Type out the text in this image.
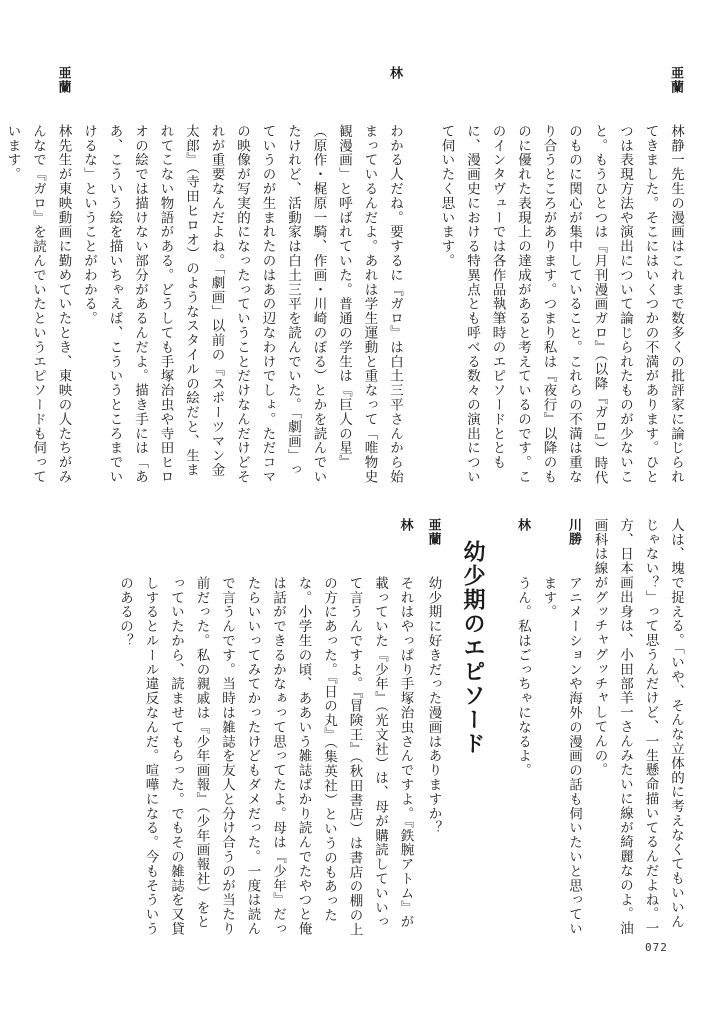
亜蘭
林静一先生の漫画はこれまで数多くの批評家に論じられてきました。そこにはいくつかの不満があります。ひとつは表現方法や演出について論じられたものが少ないこと。もうひとつは『月刊漫画ガロ』（以降『ガロ』）時代のものに関心が集中していること。これらの不満は重なり合うところがあります。つまり私は『夜行』以降のものに優れた表現上の達成があると考えているのです。このインタヴューでは各作品執筆時のエピソードとともに、漫画史における特異点とも呼べる数々の演出について伺いたく思います。
林
わかる人だね。要するに『ガロ』は白土三平さんから始まっているんだよ。あれは学生運動と重なって「唯物史観漫画」と呼ばれていた。普通の学生は『巨人の星』（原作・梶原一騎、作画・川崎のぼる）とかを読んでいたけれど、活動家は白土三平を読んでいた。「劇画」っていうのが生まれたのはあの辺なわけでしょ。ただコマの映像が写実的になったっていうことだけなんだけどそれが重要なんだよね。「劇画」以前の『スポーツマン金太郎』（寺田ヒロオ）のようなスタイルの絵だと、生まれてこない物語がある。どうしても手塚治虫や寺田ヒロオの絵では描けない部分があるんだよ。描き手には「ああ、こういう絵を描いちゃえば、こういうところまでいけるな」ということがわかる。
亜蘭
林先生が東映動画に勤めていたとき、東映の人たちがみんなで『ガロ』を読んでいたというエピソードも伺っています。
人は、塊で捉える。「いや、そんな立体的に考えなくてもいいんじゃない？」って思うんだけど、一生懸命描いてるんだよね。一方、日本画出身は、小田部羊一さんみたいに線が綺麗なのよ。油画科は線がグッチャグッチャしてんの。
川勝
アニメーションや海外の漫画の話も伺いたいと思っています。
林
うん。私はごっちゃになるよ。
幼少期のエピソード
亜蘭
幼少期に好きだった漫画はありますか？
林
それはやっぱり手塚治虫さんですよ。『鉄腕アトム』が載っていた『少年』（光文社）は、母が購読していいって言うんですよ。『冒険王』（秋田書店）は書店の棚の上の方にあった。『日の丸』（集英社）というのもあったな。小学生の頃、ああいう雑誌ばかり読んでたやつと俺は話ができるかなぁって思ってたよ。母は『少年』だったらいいってみてかったけどもダメだった。一度は読んで言うんです。当時は雑誌を友人と分け合うのが当たり前だった。私の親戚は『少年画報』（少年画報社）をとっていたから、読ませてもらった。でもその雑誌を又貸しするとルール違反なんだ。喧嘩になる。今もそういうのあるの？
072
